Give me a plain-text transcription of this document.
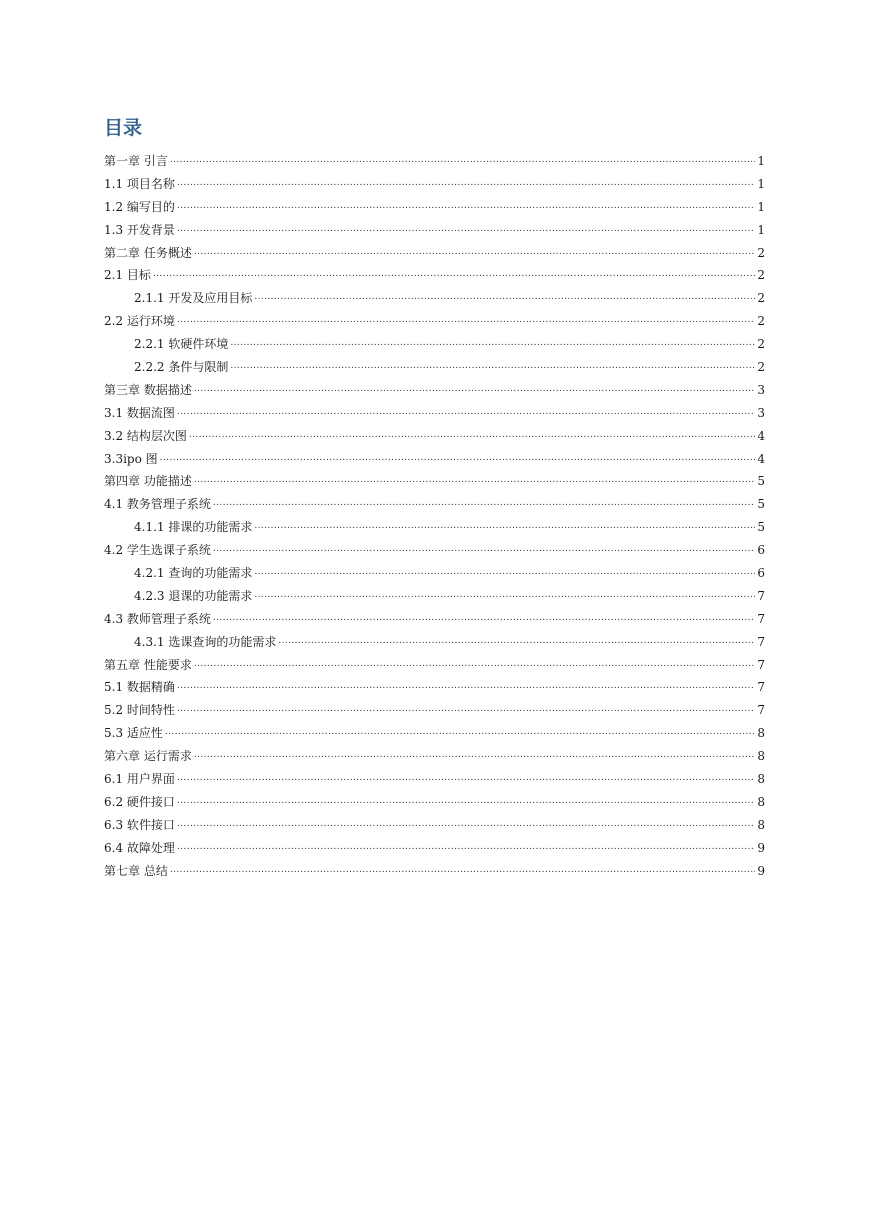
目录
第一章 引言 .....	1
1.1 项目名称 .....	1
1.2 编写目的 .....	1
1.3 开发背景 .....	1
第二章 任务概述 .....	2
2.1 目标 .....	2
2.1.1 开发及应用目标 .....	2
2.2 运行环境 .....	2
2.2.1 软硬件环境 .....	2
2.2.2 条件与限制 .....	2
第三章 数据描述 .....	3
3.1 数据流图 .....	3
3.2 结构层次图 .....	4
3.3ipo 图 .....	4
第四章 功能描述 .....	5
4.1 教务管理子系统 .....	5
4.1.1 排课的功能需求 .....	5
4.2 学生选课子系统 .....	6
4.2.1 查询的功能需求 .....	6
4.2.3 退课的功能需求 .....	7
4.3 教师管理子系统 .....	7
4.3.1 选课查询的功能需求 .....	7
第五章 性能要求 .....	7
5.1 数据精确 .....	7
5.2 时间特性 .....	7
5.3 适应性 .....	8
第六章 运行需求 .....	8
6.1 用户界面 .....	8
6.2 硬件接口 .....	8
6.3 软件接口 .....	8
6.4 故障处理 .....	9
第七章 总结 .....	9
